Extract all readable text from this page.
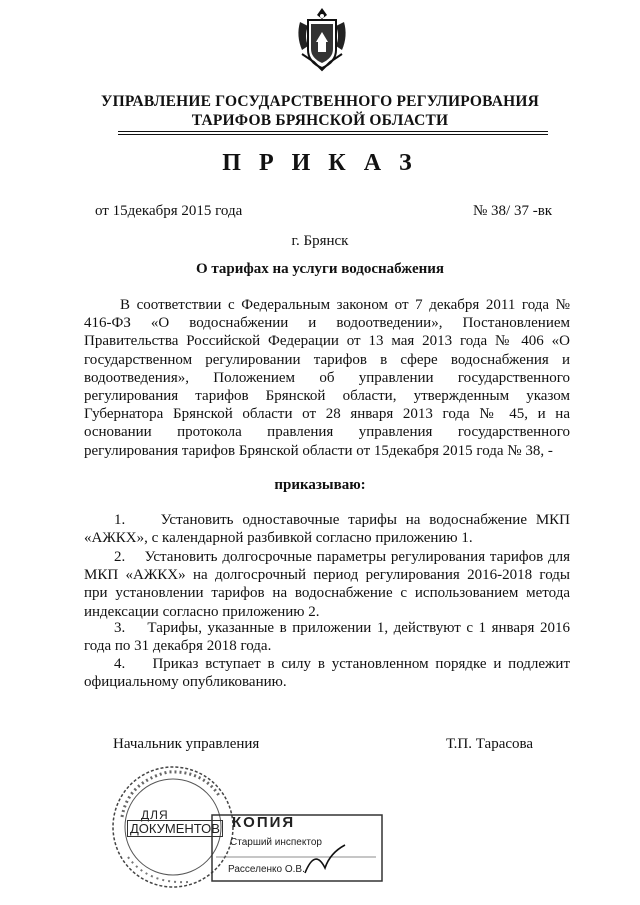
УПРАВЛЕНИЕ ГОСУДАРСТВЕННОГО РЕГУЛИРОВАНИЯ
ТАРИФОВ БРЯНСКОЙ ОБЛАСТИ
П Р И К А З
от 15декабря 2015 года	№ 38/ 37 -вк
г. Брянск
О тарифах на услуги водоснабжения
В соответствии с Федеральным законом от 7 декабря 2011 года № 416-ФЗ «О водоснабжении и водоотведении», Постановлением Правительства Российской Федерации от 13 мая 2013 года № 406 «О государственном регулировании тарифов в сфере водоснабжения и водоотведения», Положением об управлении государственного регулирования тарифов Брянской области, утвержденным указом Губернатора Брянской области от 28 января 2013 года № 45, и на основании протокола правления управления государственного регулирования тарифов Брянской области от 15декабря 2015 года № 38, -
приказываю:
1. Установить одноставочные тарифы на водоснабжение МКП «АЖКХ», с календарной разбивкой согласно приложению 1.
2. Установить долгосрочные параметры регулирования тарифов для МКП «АЖКХ» на долгосрочный период регулирования 2016-2018 годы при установлении тарифов на водоснабжение с использованием метода индексации согласно приложению 2.
3. Тарифы, указанные в приложении 1, действуют с 1 января 2016 года по 31 декабря 2018 года.
4. Приказ вступает в силу в установленном порядке и подлежит официальному опубликованию.
Начальник управления	Т.П. Тарасова
ДЛЯ
ДОКУМЕНТОВ КОПИЯ
Старший инспектор
Расселенко О.В.
